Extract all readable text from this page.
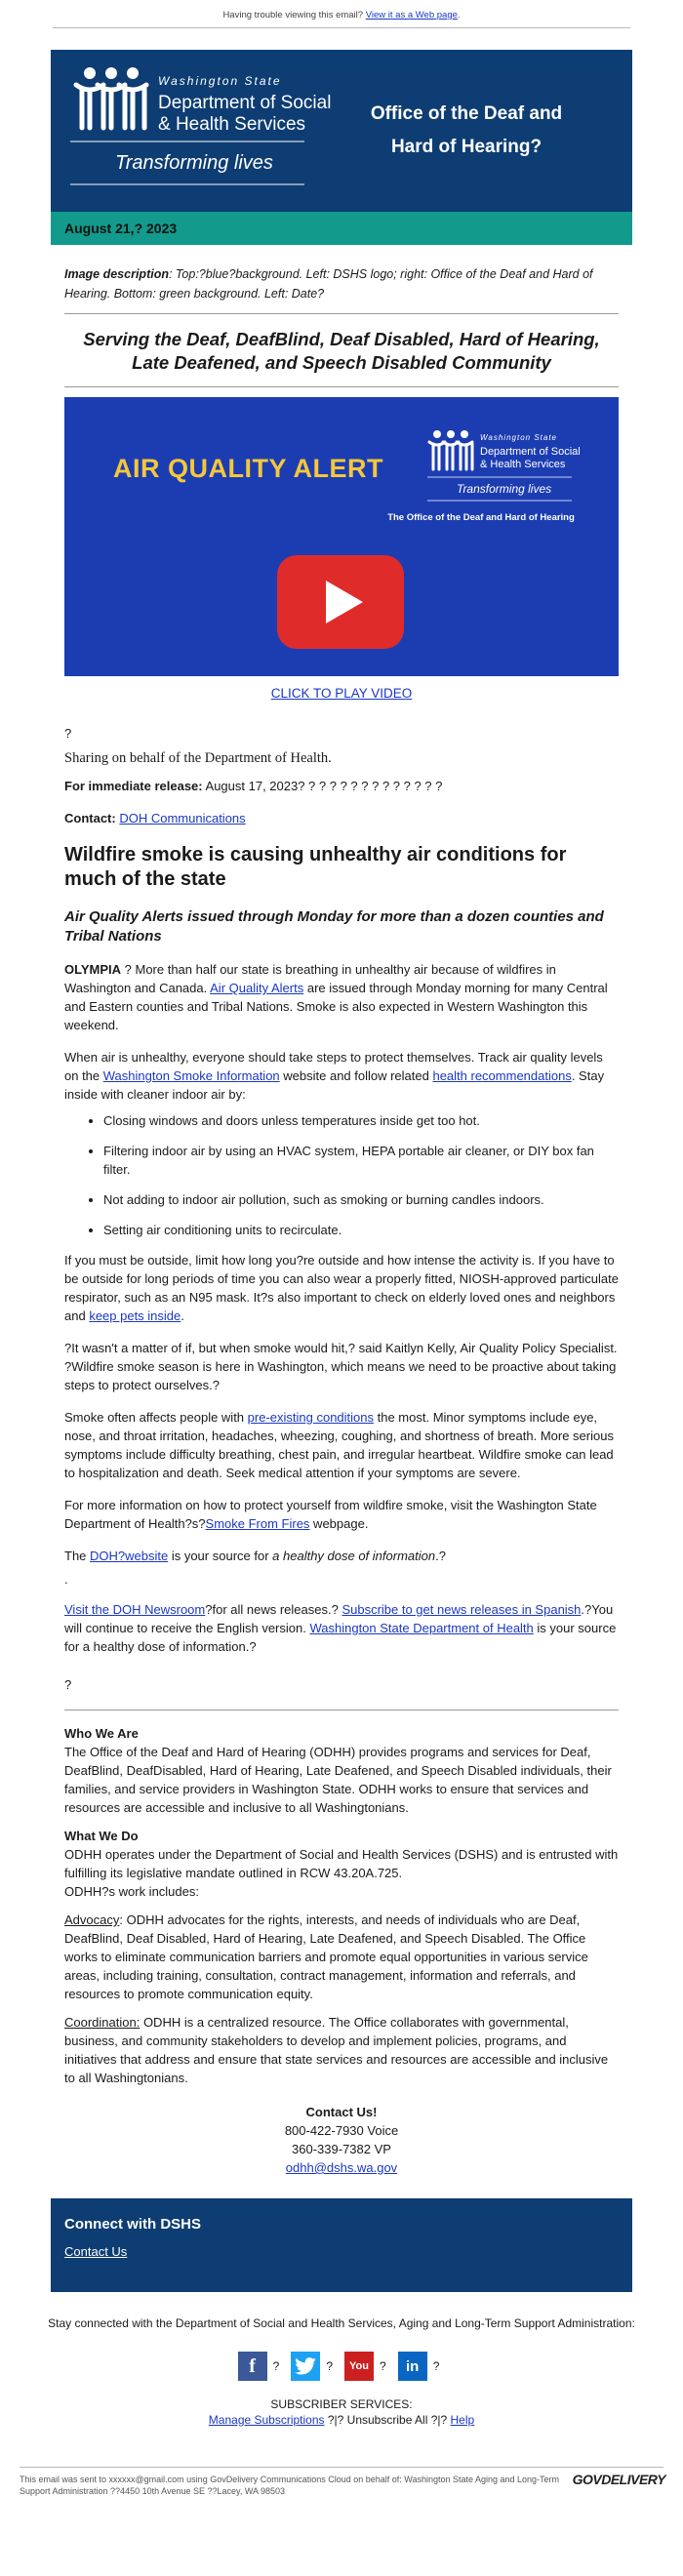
Having trouble viewing this email? View it as a Web page.
Washington State
Department of Social
& Health Services
Transforming lives
Office of the Deaf and
Hard of Hearing?
August 21,? 2023
Image description: Top:?blue?background. Left: DSHS logo; right: Office of the Deaf and Hard of Hearing. Bottom: green background. Left: Date?
Serving the Deaf, DeafBlind, Deaf Disabled, Hard of Hearing, Late Deafened, and Speech Disabled Community
AIR QUALITY ALERT
Washington State
Department of Social
& Health Services
Transforming lives
The Office of the Deaf and Hard of Hearing
CLICK TO PLAY VIDEO
?
Sharing on behalf of the Department of Health.
For immediate release: August 17, 2023? ? ? ? ? ? ? ? ? ? ? ? ? ?
Contact: DOH Communications
Wildfire smoke is causing unhealthy air conditions for much of the state
Air Quality Alerts issued through Monday for more than a dozen counties and Tribal Nations
OLYMPIA ? More than half our state is breathing in unhealthy air because of wildfires in Washington and Canada. Air Quality Alerts are issued through Monday morning for many Central and Eastern counties and Tribal Nations. Smoke is also expected in Western Washington this weekend.
When air is unhealthy, everyone should take steps to protect themselves. Track air quality levels on the Washington Smoke Information website and follow related health recommendations. Stay inside with cleaner indoor air by:
• Closing windows and doors unless temperatures inside get too hot.
• Filtering indoor air by using an HVAC system, HEPA portable air cleaner, or DIY box fan filter.
• Not adding to indoor air pollution, such as smoking or burning candles indoors.
• Setting air conditioning units to recirculate.
If you must be outside, limit how long you?re outside and how intense the activity is. If you have to be outside for long periods of time you can also wear a properly fitted, NIOSH-approved particulate respirator, such as an N95 mask. It?s also important to check on elderly loved ones and neighbors and keep pets inside.
?It wasn't a matter of if, but when smoke would hit,? said Kaitlyn Kelly, Air Quality Policy Specialist. ?Wildfire smoke season is here in Washington, which means we need to be proactive about taking steps to protect ourselves.?
Smoke often affects people with pre-existing conditions the most. Minor symptoms include eye, nose, and throat irritation, headaches, wheezing, coughing, and shortness of breath. More serious symptoms include difficulty breathing, chest pain, and irregular heartbeat. Wildfire smoke can lead to hospitalization and death. Seek medical attention if your symptoms are severe.
For more information on how to protect yourself from wildfire smoke, visit the Washington State Department of Health?s?Smoke From Fires webpage.
The DOH?website is your source for a healthy dose of information.?
.
Visit the DOH Newsroom?for all news releases.? Subscribe to get news releases in Spanish.?You will continue to receive the English version. Washington State Department of Health is your source for a healthy dose of information.?
?
Who We Are
The Office of the Deaf and Hard of Hearing (ODHH) provides programs and services for Deaf, DeafBlind, DeafDisabled, Hard of Hearing, Late Deafened, and Speech Disabled individuals, their families, and service providers in Washington State. ODHH works to ensure that services and resources are accessible and inclusive to all Washingtonians.
What We Do
ODHH operates under the Department of Social and Health Services (DSHS) and is entrusted with fulfilling its legislative mandate outlined in RCW 43.20A.725.
ODHH?s work includes:
Advocacy: ODHH advocates for the rights, interests, and needs of individuals who are Deaf, DeafBlind, Deaf Disabled, Hard of Hearing, Late Deafened, and Speech Disabled. The Office works to eliminate communication barriers and promote equal opportunities in various service areas, including training, consultation, contract management, information and referrals, and resources to promote communication equity.
Coordination: ODHH is a centralized resource. The Office collaborates with governmental, business, and community stakeholders to develop and implement policies, programs, and initiatives that address and ensure that state services and resources are accessible and inclusive to all Washingtonians.
Contact Us!
800-422-7930 Voice
360-339-7382 VP
odhh@dshs.wa.gov
Connect with DSHS
Contact Us
Stay connected with the Department of Social and Health Services, Aging and Long-Term Support Administration:
f	?	?	You ?	in	?
SUBSCRIBER SERVICES:
Manage Subscriptions ?|? Unsubscribe All ?|? Help
This email was sent to xxxxxx@gmail.com using GovDelivery Communications Cloud on behalf of: Washington State Aging and Long-Term Support Administration ??4450 10th Avenue SE ??Lacey, WA 98503
GOVDELIVERY
